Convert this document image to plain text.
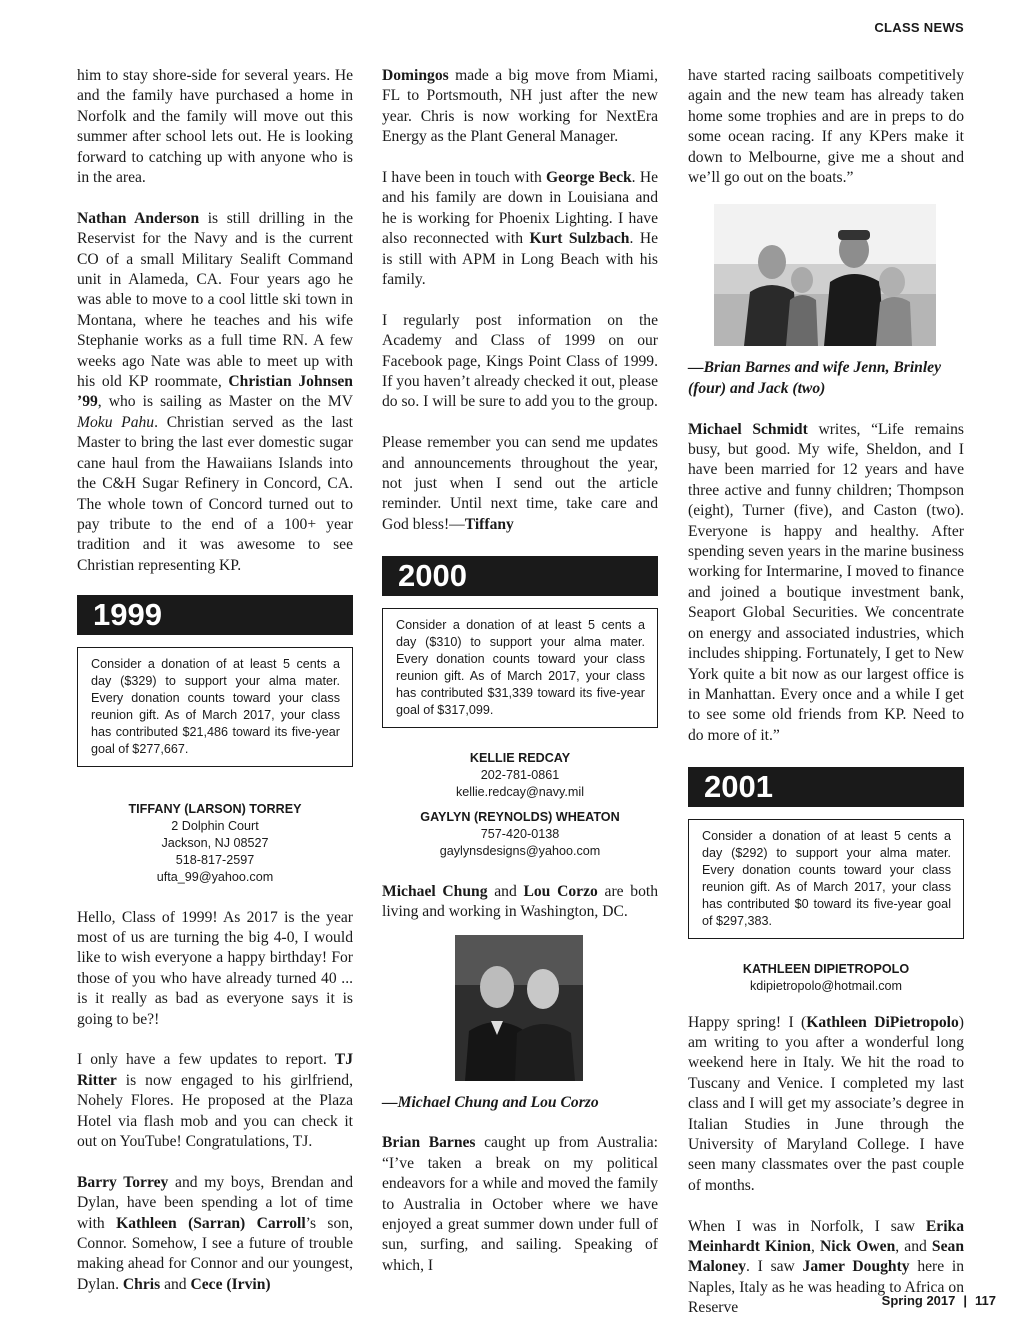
CLASS NEWS

him to stay shore-side for several years. He and the family have purchased a home in Norfolk and the family will move out this summer after school lets out. He is looking forward to catching up with anyone who is in the area.

Nathan Anderson is still drilling in the Reservist for the Navy and is the current CO of a small Military Sealift Command unit in Alameda, CA. Four years ago he was able to move to a cool little ski town in Montana, where he teaches and his wife Stephanie works as a full time RN. A few weeks ago Nate was able to meet up with his old KP roommate, Christian Johnsen ’99, who is sailing as Master on the MV Moku Pahu. Christian served as the last Master to bring the last ever domestic sugar cane haul from the Hawaiians Islands into the C&H Sugar Refinery in Concord, CA. The whole town of Concord turned out to pay tribute to the end of a 100+ year tradition and it was awesome to see Christian representing KP.

1999
Consider a donation of at least 5 cents a day ($329) to support your alma mater. Every donation counts toward your class reunion gift. As of March 2017, your class has contributed $21,486 toward its five-year goal of $277,667.
TIFFANY (LARSON) TORREY
2 Dolphin Court
Jackson, NJ 08527
518-817-2597
ufta_99@yahoo.com

Hello, Class of 1999! As 2017 is the year most of us are turning the big 4-0, I would like to wish everyone a happy birthday! For those of you who have already turned 40 ... is it really as bad as everyone says it is going to be?!

I only have a few updates to report. TJ Ritter is now engaged to his girlfriend, Nohely Flores. He proposed at the Plaza Hotel via flash mob and you can check it out on YouTube! Congratulations, TJ.

Barry Torrey and my boys, Brendan and Dylan, have been spending a lot of time with Kathleen (Sarran) Carroll’s son, Connor. Somehow, I see a future of trouble making ahead for Connor and our youngest, Dylan. Chris and Cece (Irvin)

Domingos made a big move from Miami, FL to Portsmouth, NH just after the new year. Chris is now working for NextEra Energy as the Plant General Manager.

I have been in touch with George Beck. He and his family are down in Louisiana and he is working for Phoenix Lighting. I have also reconnected with Kurt Sulzbach. He is still with APM in Long Beach with his family.

I regularly post information on the Academy and Class of 1999 on our Facebook page, Kings Point Class of 1999. If you haven’t already checked it out, please do so. I will be sure to add you to the group.

Please remember you can send me updates and announcements throughout the year, not just when I send out the article reminder. Until next time, take care and God bless!—Tiffany

2000
Consider a donation of at least 5 cents a day ($310) to support your alma mater. Every donation counts toward your class reunion gift. As of March 2017, your class has contributed $31,339 toward its five-year goal of $317,099.
KELLIE REDCAY
202-781-0861
kellie.redcay@navy.mil
GAYLYN (REYNOLDS) WHEATON
757-420-0138
gaylynsdesigns@yahoo.com

Michael Chung and Lou Corzo are both living and working in Washington, DC.

—Michael Chung and Lou Corzo

Brian Barnes caught up from Australia: “I’ve taken a break on my political endeavors for a while and moved the family to Australia in October where we have enjoyed a great summer down under full of sun, surfing, and sailing. Speaking of which, I

have started racing sailboats competitively again and the new team has already taken home some trophies and are in preps to do some ocean racing. If any KPers make it down to Melbourne, give me a shout and we’ll go out on the boats.”

—Brian Barnes and wife Jenn, Brinley (four) and Jack (two)

Michael Schmidt writes, “Life remains busy, but good. My wife, Sheldon, and I have been married for 12 years and have three active and funny children; Thompson (eight), Turner (five), and Caston (two). Everyone is happy and healthy. After spending seven years in the marine business working for Intermarine, I moved to finance and joined a boutique investment bank, Seaport Global Securities. We concentrate on energy and associated industries, which includes shipping. Fortunately, I get to New York quite a bit now as our largest office is in Manhattan. Every once and a while I get to see some old friends from KP. Need to do more of it.”

2001
Consider a donation of at least 5 cents a day ($292) to support your alma mater. Every donation counts toward your class reunion gift. As of March 2017, your class has contributed $0 toward its five-year goal of $297,383.
KATHLEEN DIPIETROPOLO
kdipietropolo@hotmail.com

Happy spring! I (Kathleen DiPietropolo) am writing to you after a wonderful long weekend here in Italy. We hit the road to Tuscany and Venice. I completed my last class and I will get my associate’s degree in Italian Studies in June through the University of Maryland College. I have seen many classmates over the past couple of months.

When I was in Norfolk, I saw Erika Meinhardt Kinion, Nick Owen, and Sean Maloney. I saw Jamer Doughty here in Naples, Italy as he was heading to Africa on Reserve	Spring 2017 | 117
